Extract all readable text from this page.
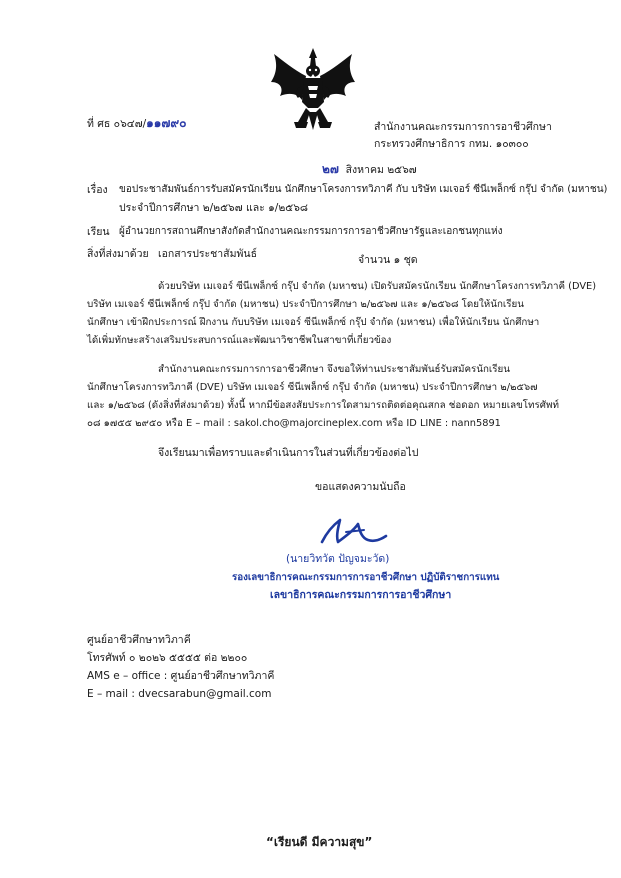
ที่ ศธ ๐๖๔๗/๑๑๗๙๐	สำนักงานคณะกรรมการการอาชีวศึกษา
กระทรวงศึกษาธิการ กทม. ๑๐๓๐๐
๒๗ สิงหาคม ๒๕๖๗
เรื่อง ขอประชาสัมพันธ์การรับสมัครนักเรียน นักศึกษาโครงการทวิภาคี กับ บริษัท เมเจอร์ ซีนีเพล็กซ์ กรุ๊ป จำกัด (มหาชน)
ประจำปีการศึกษา ๒/๒๕๖๗ และ ๑/๒๕๖๘
เรียน ผู้อำนวยการสถานศึกษาสังกัดสำนักงานคณะกรรมการการอาชีวศึกษารัฐและเอกชนทุกแห่ง
สิ่งที่ส่งมาด้วย เอกสารประชาสัมพันธ์	จำนวน ๑ ชุด
ด้วยบริษัท เมเจอร์ ซีนีเพล็กซ์ กรุ๊ป จำกัด (มหาชน) เปิดรับสมัครนักเรียน นักศึกษาโครงการทวิภาคี (DVE)
บริษัท เมเจอร์ ซีนีเพล็กซ์ กรุ๊ป จำกัด (มหาชน) ประจำปีการศึกษา ๒/๒๕๖๗ และ ๑/๒๕๖๘ โดยให้นักเรียน
นักศึกษา เข้าฝึกประการณ์ ฝึกงาน กับบริษัท เมเจอร์ ซีนีเพล็กซ์ กรุ๊ป จำกัด (มหาชน) เพื่อให้นักเรียน นักศึกษา
ได้เพิ่มทักษะสร้างเสริมประสบการณ์และพัฒนาวิชาชีพในสาขาที่เกี่ยวข้อง
สำนักงานคณะกรรมการการอาชีวศึกษา จึงขอให้ท่านประชาสัมพันธ์รับสมัครนักเรียน
นักศึกษาโครงการทวิภาคี (DVE) บริษัท เมเจอร์ ซีนีเพล็กซ์ กรุ๊ป จำกัด (มหาชน) ประจำปีการศึกษา ๒/๒๕๖๗
และ ๑/๒๕๖๘ (ดังสิ่งที่ส่งมาด้วย) ทั้งนี้ หากมีข้อสงสัยประการใดสามารถติดต่อคุณสกล ช่อดอก หมายเลขโทรศัพท์
๐๘ ๑๗๕๕ ๒๙๕๐ หรือ E – mail : sakol.cho@majorcineplex.com หรือ ID LINE : nann5891
จึงเรียนมาเพื่อทราบและดำเนินการในส่วนที่เกี่ยวข้องต่อไป
ขอแสดงความนับถือ
(นายวิทวัต ปัญจมะวัด)
รองเลขาธิการคณะกรรมการการอาชีวศึกษา ปฏิบัติราชการแทน
เลขาธิการคณะกรรมการการอาชีวศึกษา
ศูนย์อาชีวศึกษาทวิภาคี
โทรศัพท์ ๐ ๒๐๒๖ ๕๕๕๕ ต่อ ๒๒๐๐
AMS e – office : ศูนย์อาชีวศึกษาทวิภาคี
E – mail : dvecsarabun@gmail.com
“เรียนดี มีความสุข”
